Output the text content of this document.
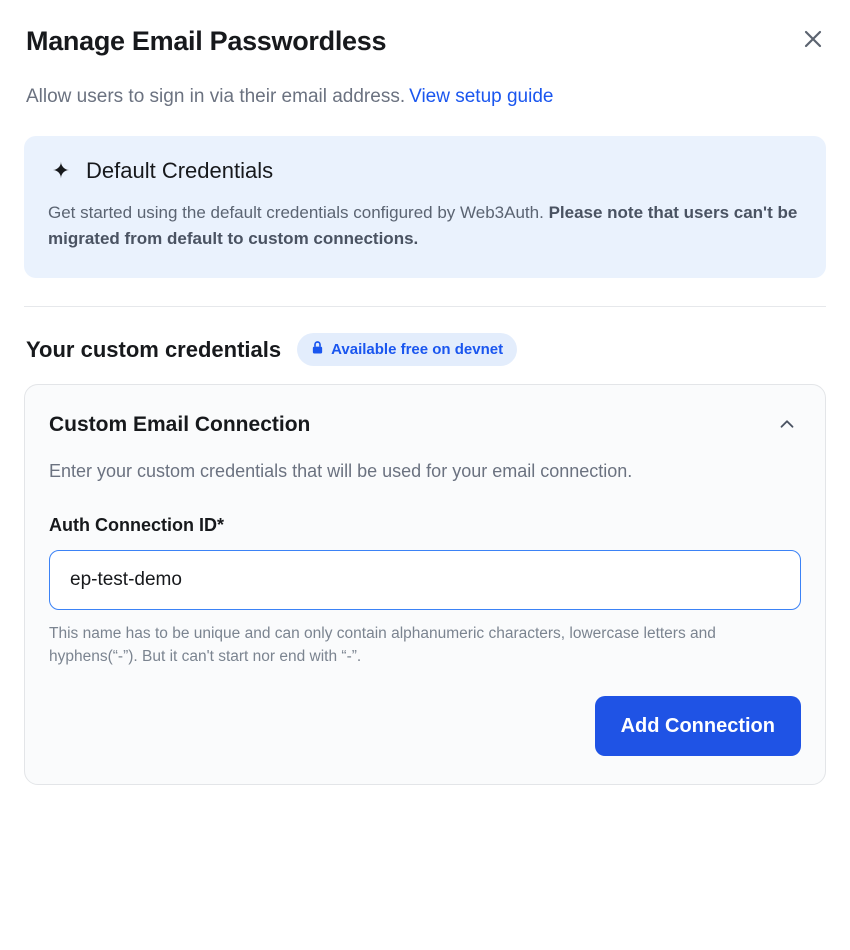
Manage Email Passwordless

Allow users to sign in via their email address. View setup guide

✦ Default Credentials
Get started using the default credentials configured by Web3Auth. Please note that users can't be migrated from default to custom connections.
Your custom credentials	Available free on devnet
Custom Email Connection

Enter your custom credentials that will be used for your email connection.

Auth Connection ID*
ep-test-demo

This name has to be unique and can only contain alphanumeric characters, lowercase letters and hyphens(“-”). But it can't start nor end with “-”.

Add Connection
